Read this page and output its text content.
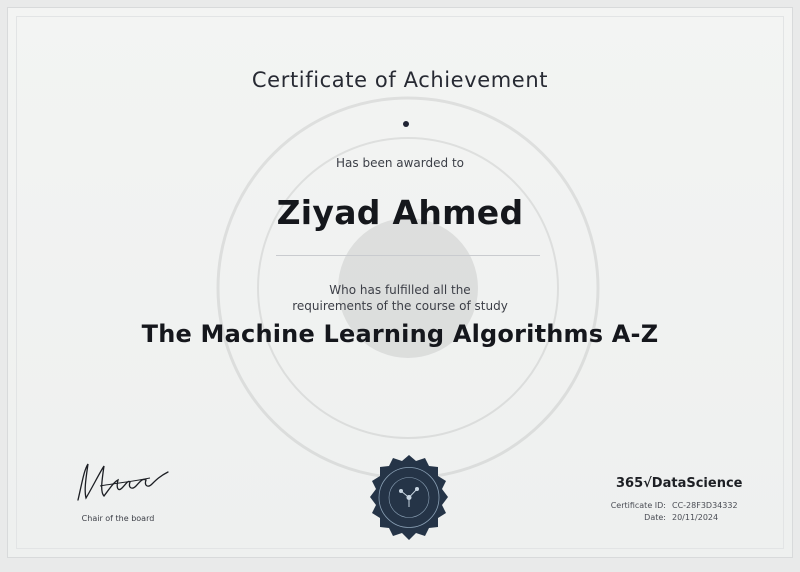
Certificate of Achievement
Has been awarded to
Ziyad Ahmed
Who has fulfilled all the
requirements of the course of study
The Machine Learning Algorithms A-Z
Chair of the board
365√DataScience
Certificate ID: CC-28F3D34332
Date: 20/11/2024
